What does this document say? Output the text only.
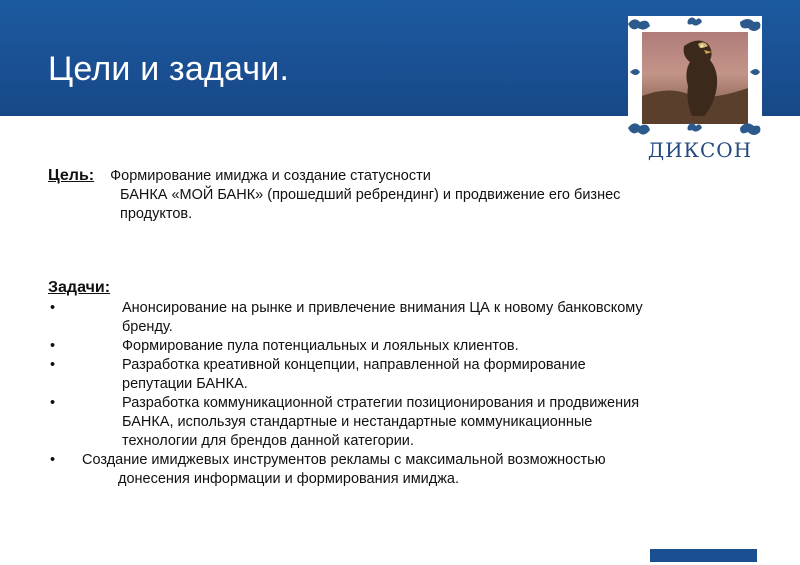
Цели и задачи.
ДИКСОН
Цель: Формирование имиджа и создание статусности
БАНКА «МОЙ БАНК» (прошедший ребрендинг) и продвижение его бизнес
продуктов.
Задачи:
•	Анонсирование на рынке и привлечение внимания ЦА к новому банковскому
бренду.
•	Формирование пула потенциальных и лояльных клиентов.
•	Разработка креативной концепции, направленной на формирование
репутации БАНКА.
•	Разработка коммуникационной стратегии позиционирования и продвижения
БАНКА, используя стандартные и нестандартные коммуникационные
технологии для брендов данной категории.
•	Создание имиджевых инструментов рекламы с максимальной возможностью
донесения информации и формирования имиджа.
